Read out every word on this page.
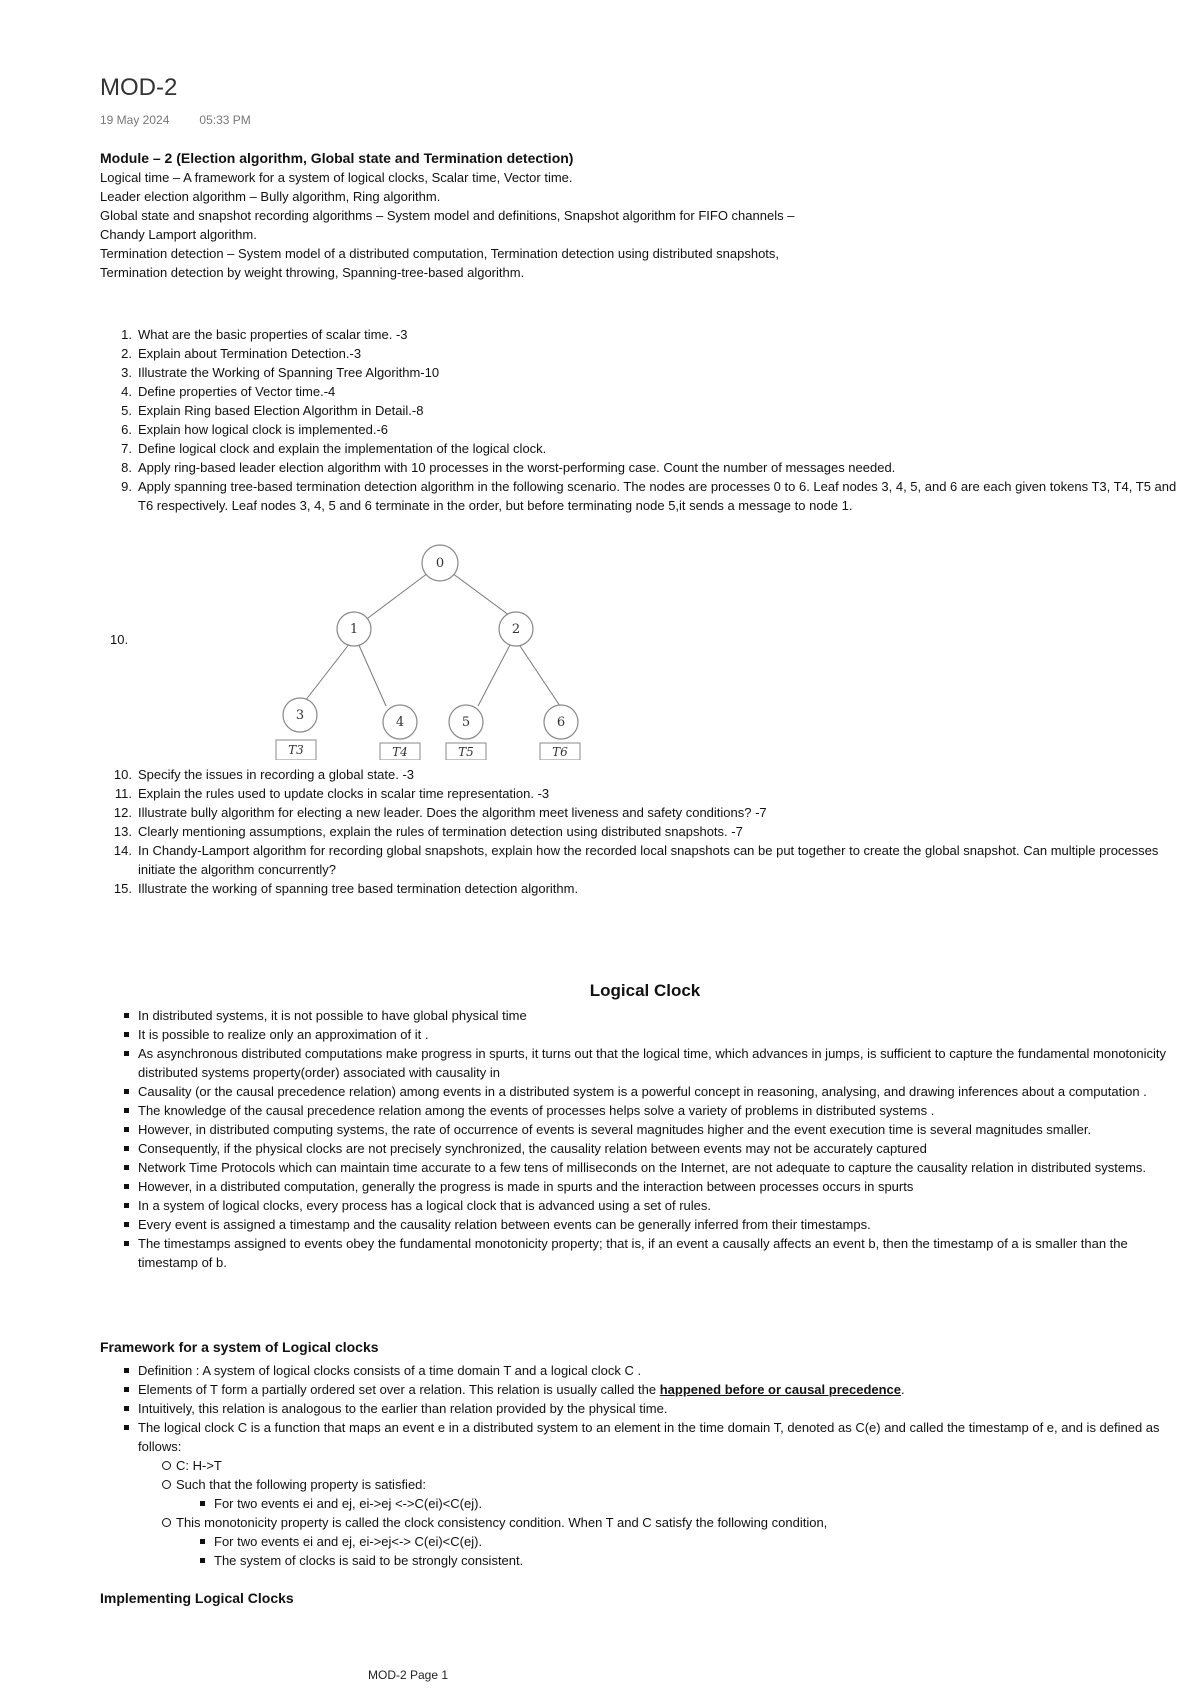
MOD-2
19 May 2024	05:33 PM
Module – 2 (Election algorithm, Global state and Termination detection)
Logical time – A framework for a system of logical clocks, Scalar time, Vector time.
Leader election algorithm – Bully algorithm, Ring algorithm.
Global state and snapshot recording algorithms – System model and definitions, Snapshot algorithm for FIFO channels –
Chandy Lamport algorithm.
Termination detection – System model of a distributed computation, Termination detection using distributed snapshots,
Termination detection by weight throwing, Spanning-tree-based algorithm.
1. What are the basic properties of scalar time. -3
2. Explain about Termination Detection.-3
3. Illustrate the Working of Spanning Tree Algorithm-10
4. Define properties of Vector time.-4
5. Explain Ring based Election Algorithm in Detail.-8
6. Explain how logical clock is implemented.-6
7. Define logical clock and explain the implementation of the logical clock.
8. Apply ring-based leader election algorithm with 10 processes in the worst-performing case. Count the number of messages needed.
9. Apply spanning tree-based termination detection algorithm in the following scenario. The nodes are processes 0 to 6. Leaf nodes 3, 4, 5, and 6 are each given tokens T3, T4, T5 and T6 respectively. Leaf nodes 3, 4, 5 and 6 terminate in the order, but before terminating node 5,it sends a message to node 1.
10.
0
1	2
3	4	5	6
T3	T4	T5	T6
10. Specify the issues in recording a global state. -3
11. Explain the rules used to update clocks in scalar time representation. -3
12. Illustrate bully algorithm for electing a new leader. Does the algorithm meet liveness and safety conditions? -7
13. Clearly mentioning assumptions, explain the rules of termination detection using distributed snapshots. -7
14. In Chandy-Lamport algorithm for recording global snapshots, explain how the recorded local snapshots can be put together to create the global snapshot. Can multiple processes initiate the algorithm concurrently?
15. Illustrate the working of spanning tree based termination detection algorithm.
Logical Clock
In distributed systems, it is not possible to have global physical time
It is possible to realize only an approximation of it .
As asynchronous distributed computations make progress in spurts, it turns out that the logical time, which advances in jumps, is sufficient to capture the fundamental monotonicity distributed systems property(order) associated with causality in
Causality (or the causal precedence relation) among events in a distributed system is a powerful concept in reasoning, analysing, and drawing inferences about a computation .
The knowledge of the causal precedence relation among the events of processes helps solve a variety of problems in distributed systems .
However, in distributed computing systems, the rate of occurrence of events is several magnitudes higher and the event execution time is several magnitudes smaller.
Consequently, if the physical clocks are not precisely synchronized, the causality relation between events may not be accurately captured
Network Time Protocols which can maintain time accurate to a few tens of milliseconds on the Internet, are not adequate to capture the causality relation in distributed systems.
However, in a distributed computation, generally the progress is made in spurts and the interaction between processes occurs in spurts
In a system of logical clocks, every process has a logical clock that is advanced using a set of rules.
Every event is assigned a timestamp and the causality relation between events can be generally inferred from their timestamps.
The timestamps assigned to events obey the fundamental monotonicity property; that is, if an event a causally affects an event b, then the timestamp of a is smaller than the timestamp of b.
Framework for a system of Logical clocks
Definition : A system of logical clocks consists of a time domain T and a logical clock C .
Elements of T form a partially ordered set over a relation. This relation is usually called the happened before or causal precedence.
Intuitively, this relation is analogous to the earlier than relation provided by the physical time.
The logical clock C is a function that maps an event e in a distributed system to an element in the time domain T, denoted as C(e) and called the timestamp of e, and is defined as follows:
C: H->T
Such that the following property is satisfied:
For two events ei and ej, ei->ej <->C(ei)<C(ej).
This monotonicity property is called the clock consistency condition. When T and C satisfy the following condition,
For two events ei and ej, ei->ej<-> C(ei)<C(ej).
The system of clocks is said to be strongly consistent.
Implementing Logical Clocks
MOD-2 Page 1
